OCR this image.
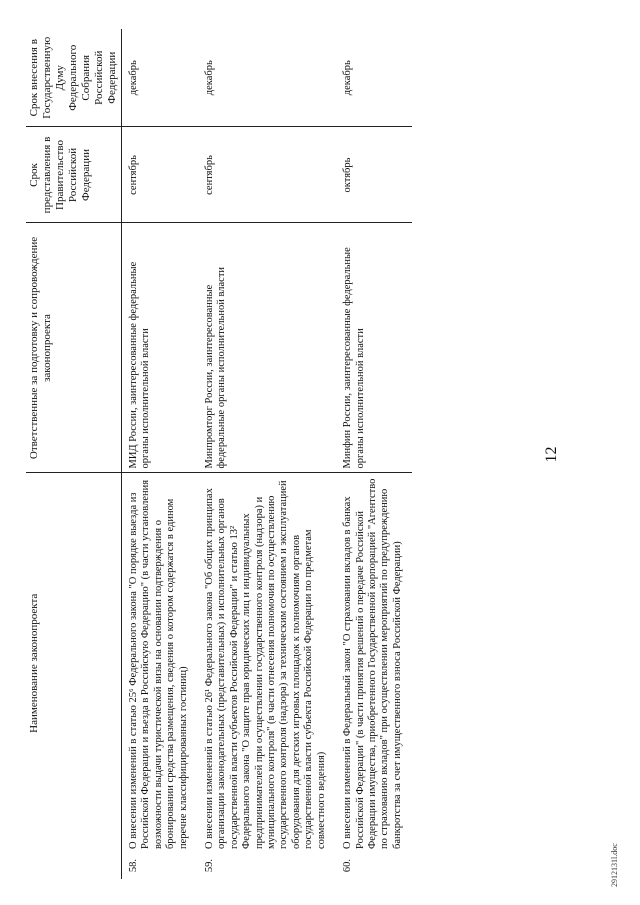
	Наименование законопроекта	Ответственные за подготовку и сопровождение законопроекта	Срок представления в Правительство Российской Федерации	Срок внесения в Государственную Думу Федерального Собрания Российской Федерации
58.	О внесении изменений в статью 25⁶ Федерального закона "О порядке выезда из Российской Федерации и въезда в Российскую Федерацию" (в части установления возможности выдачи туристической визы на основании подтверждения о бронировании средства размещения, сведения о котором содержатся в едином перечне классифицированных гостиниц)	МИД России, заинтересованные федеральные органы исполнительной власти	сентябрь	декабрь
59.	О внесении изменений в статью 26¹ Федерального закона "Об общих принципах организации законодательных (представительных) и исполнительных органов государственной власти субъектов Российской Федерации" и статью 13² Федерального закона "О защите прав юридических лиц и индивидуальных предпринимателей при осуществлении государственного контроля (надзора) и муниципального контроля" (в части отнесения полномочия по осуществлению государственного контроля (надзора) за техническим состоянием и эксплуатацией оборудования для детских игровых площадок к полномочиям органов государственной власти субъекта Российской Федерации по предметам совместного ведения)	Минпромторг России, заинтересованные федеральные органы исполнительной власти	сентябрь	декабрь
60.	О внесении изменений в Федеральный закон "О страховании вкладов в банках Российской Федерации" (в части принятия решений о передаче Российской Федерации имущества, приобретенного Государственной корпорацией "Агентство по страхованию вкладов" при осуществлении мероприятий по предупреждению банкротства за счет имущественного взноса Российской Федерации)	Минфин России, заинтересованные федеральные органы исполнительной власти	октябрь	декабрь
12
2912131l.doc
